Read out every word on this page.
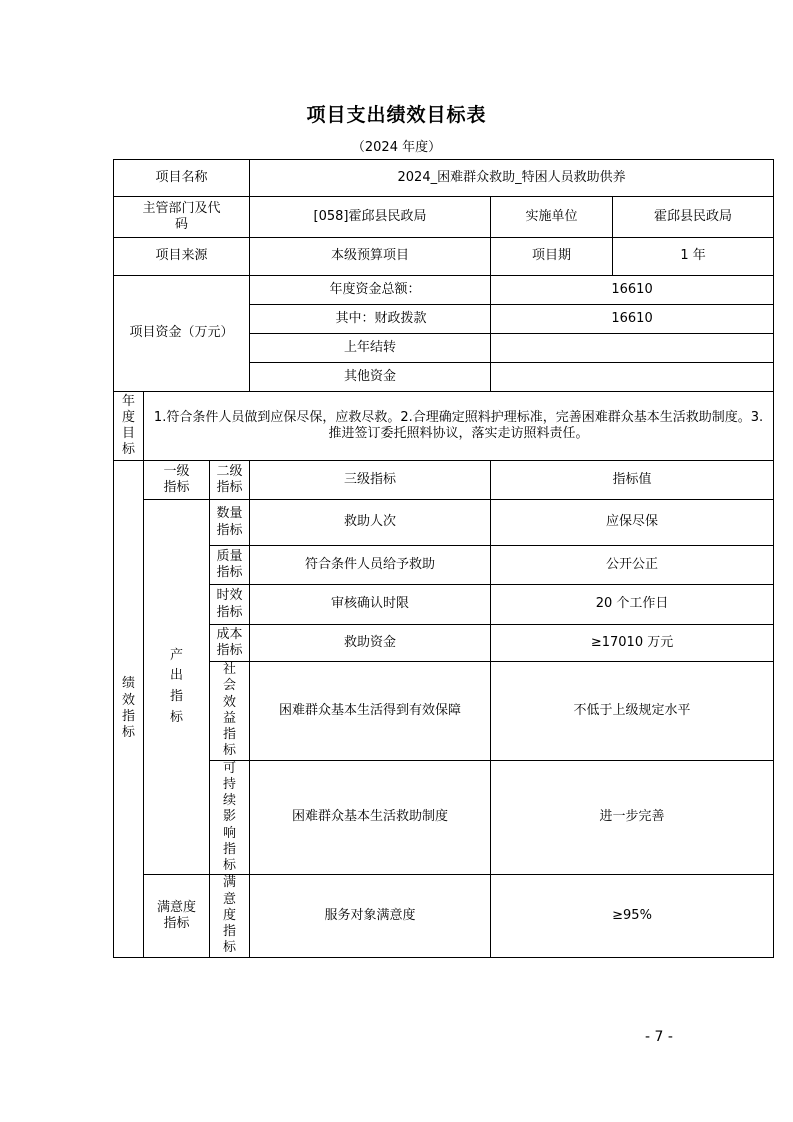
项目支出绩效目标表
（2024 年度）
项目名称			2024_困难群众救助_特困人员救助供养		
主管部门及代码			[058]霍邱县民政局	实施单位	霍邱县民政局
项目来源			本级预算项目	项目期	1 年
项目资金（万元）			年度资金总额：	16610	
			其中：财政拨款	16610	
			上年结转		
			其他资金		
年度目标	1.符合条件人员做到应保尽保，应救尽救。2.合理确定照料护理标准，完善困难群众基本生活救助制度。3.推进签订委托照料协议，落实走访照料责任。				
绩效指标	一级指标	二级指标	三级指标	指标值	
	产出指标	数量指标	救助人次	应保尽保	
		质量指标	符合条件人员给予救助	公开公正	
		时效指标	审核确认时限	20 个工作日	
		成本指标	救助资金	≥17010 万元	
		社会效益指标	困难群众基本生活得到有效保障	不低于上级规定水平	
		可持续影响指标	困难群众基本生活救助制度	进一步完善	
	满意度指标	满意度指标	服务对象满意度	≥95%	
- 7 -
